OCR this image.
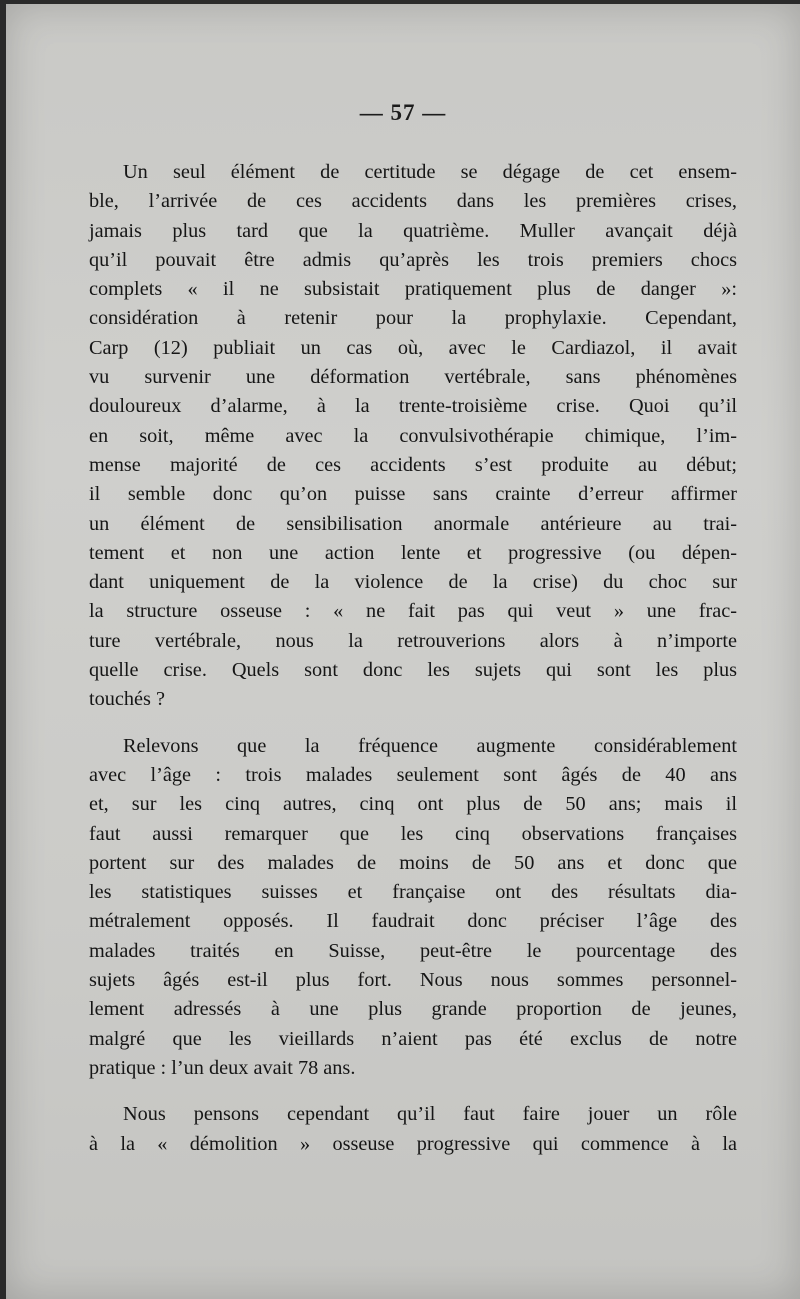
— 57 —
Un seul élément de certitude se dégage de cet ensem-
ble, l’arrivée de ces accidents dans les premières crises,
jamais plus tard que la quatrième. Muller avançait déjà
qu’il pouvait être admis qu’après les trois premiers chocs
complets « il ne subsistait pratiquement plus de danger »:
considération à retenir pour la prophylaxie. Cependant,
Carp (12) publiait un cas où, avec le Cardiazol, il avait
vu survenir une déformation vertébrale, sans phénomènes
douloureux d’alarme, à la trente-troisième crise. Quoi qu’il
en soit, même avec la convulsivothérapie chimique, l’im-
mense majorité de ces accidents s’est produite au début;
il semble donc qu’on puisse sans crainte d’erreur affirmer
un élément de sensibilisation anormale antérieure au trai-
tement et non une action lente et progressive (ou dépen-
dant uniquement de la violence de la crise) du choc sur
la structure osseuse : « ne fait pas qui veut » une frac-
ture vertébrale, nous la retrouverions alors à n’importe
quelle crise. Quels sont donc les sujets qui sont les plus
touchés ?
Relevons que la fréquence augmente considérablement
avec l’âge : trois malades seulement sont âgés de 40 ans
et, sur les cinq autres, cinq ont plus de 50 ans; mais il
faut aussi remarquer que les cinq observations françaises
portent sur des malades de moins de 50 ans et donc que
les statistiques suisses et française ont des résultats dia-
métralement opposés. Il faudrait donc préciser l’âge des
malades traités en Suisse, peut-être le pourcentage des
sujets âgés est-il plus fort. Nous nous sommes personnel-
lement adressés à une plus grande proportion de jeunes,
malgré que les vieillards n’aient pas été exclus de notre
pratique : l’un deux avait 78 ans.
Nous pensons cependant qu’il faut faire jouer un rôle
à la « démolition » osseuse progressive qui commence à la
